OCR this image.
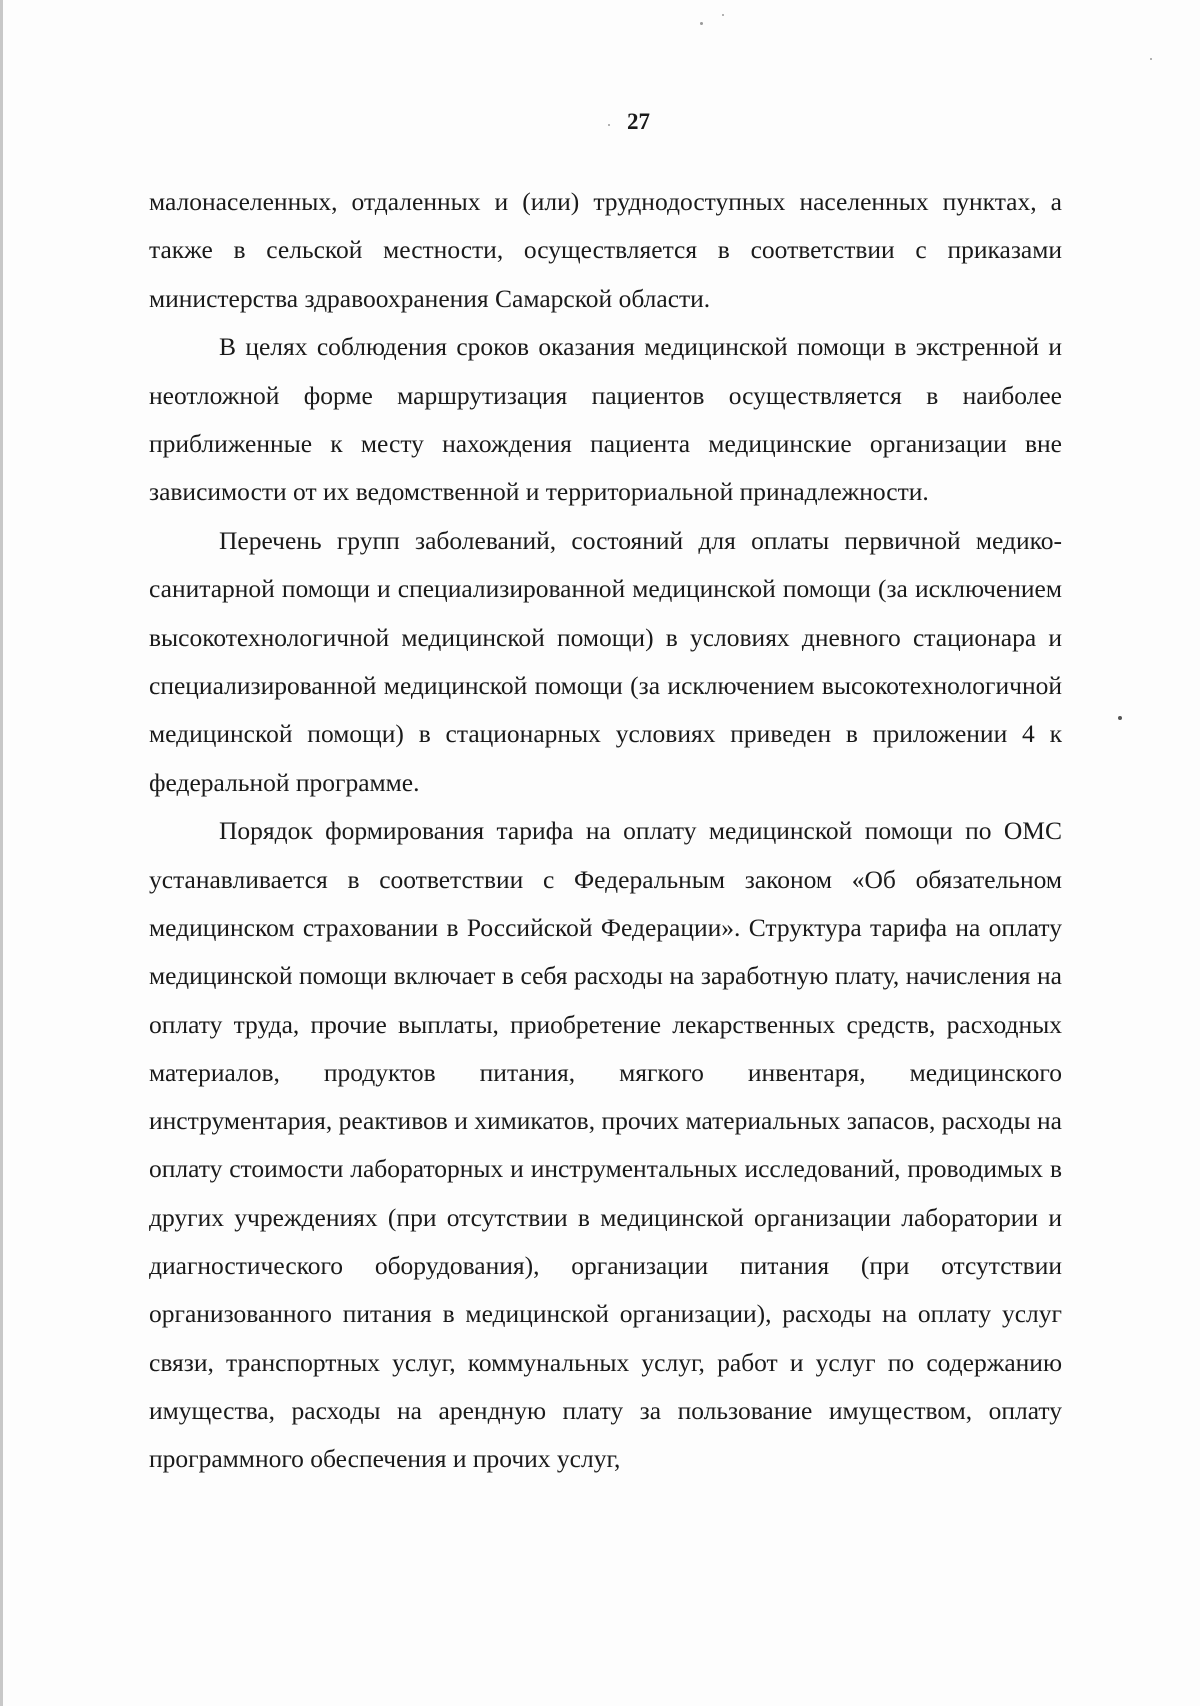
27

малонаселенных, отдаленных и (или) труднодоступных населенных пунктах, а также в сельской местности, осуществляется в соответствии с приказами министерства здравоохранения Самарской области.

В целях соблюдения сроков оказания медицинской помощи в экстренной и неотложной форме маршрутизация пациентов осуществляется в наиболее приближенные к месту нахождения пациента медицинские организации вне зависимости от их ведомственной и территориальной принадлежности.

Перечень групп заболеваний, состояний для оплаты первичной медико-санитарной помощи и специализированной медицинской помощи (за исключением высокотехнологичной медицинской помощи) в условиях дневного стационара и специализированной медицинской помощи (за исключением высокотехнологичной медицинской помощи) в стационарных условиях приведен в приложении 4 к федеральной программе.

Порядок формирования тарифа на оплату медицинской помощи по ОМС устанавливается в соответствии с Федеральным законом «Об обязательном медицинском страховании в Российской Федерации». Структура тарифа на оплату медицинской помощи включает в себя расходы на заработную плату, начисления на оплату труда, прочие выплаты, приобретение лекарственных средств, расходных материалов, продуктов питания, мягкого инвентаря, медицинского инструментария, реактивов и химикатов, прочих материальных запасов, расходы на оплату стоимости лабораторных и инструментальных исследований, проводимых в других учреждениях (при отсутствии в медицинской организации лаборатории и диагностического оборудования), организации питания (при отсутствии организованного питания в медицинской организации), расходы на оплату услуг связи, транспортных услуг, коммунальных услуг, работ и услуг по содержанию имущества, расходы на арендную плату за пользование имуществом, оплату программного обеспечения и прочих услуг,
